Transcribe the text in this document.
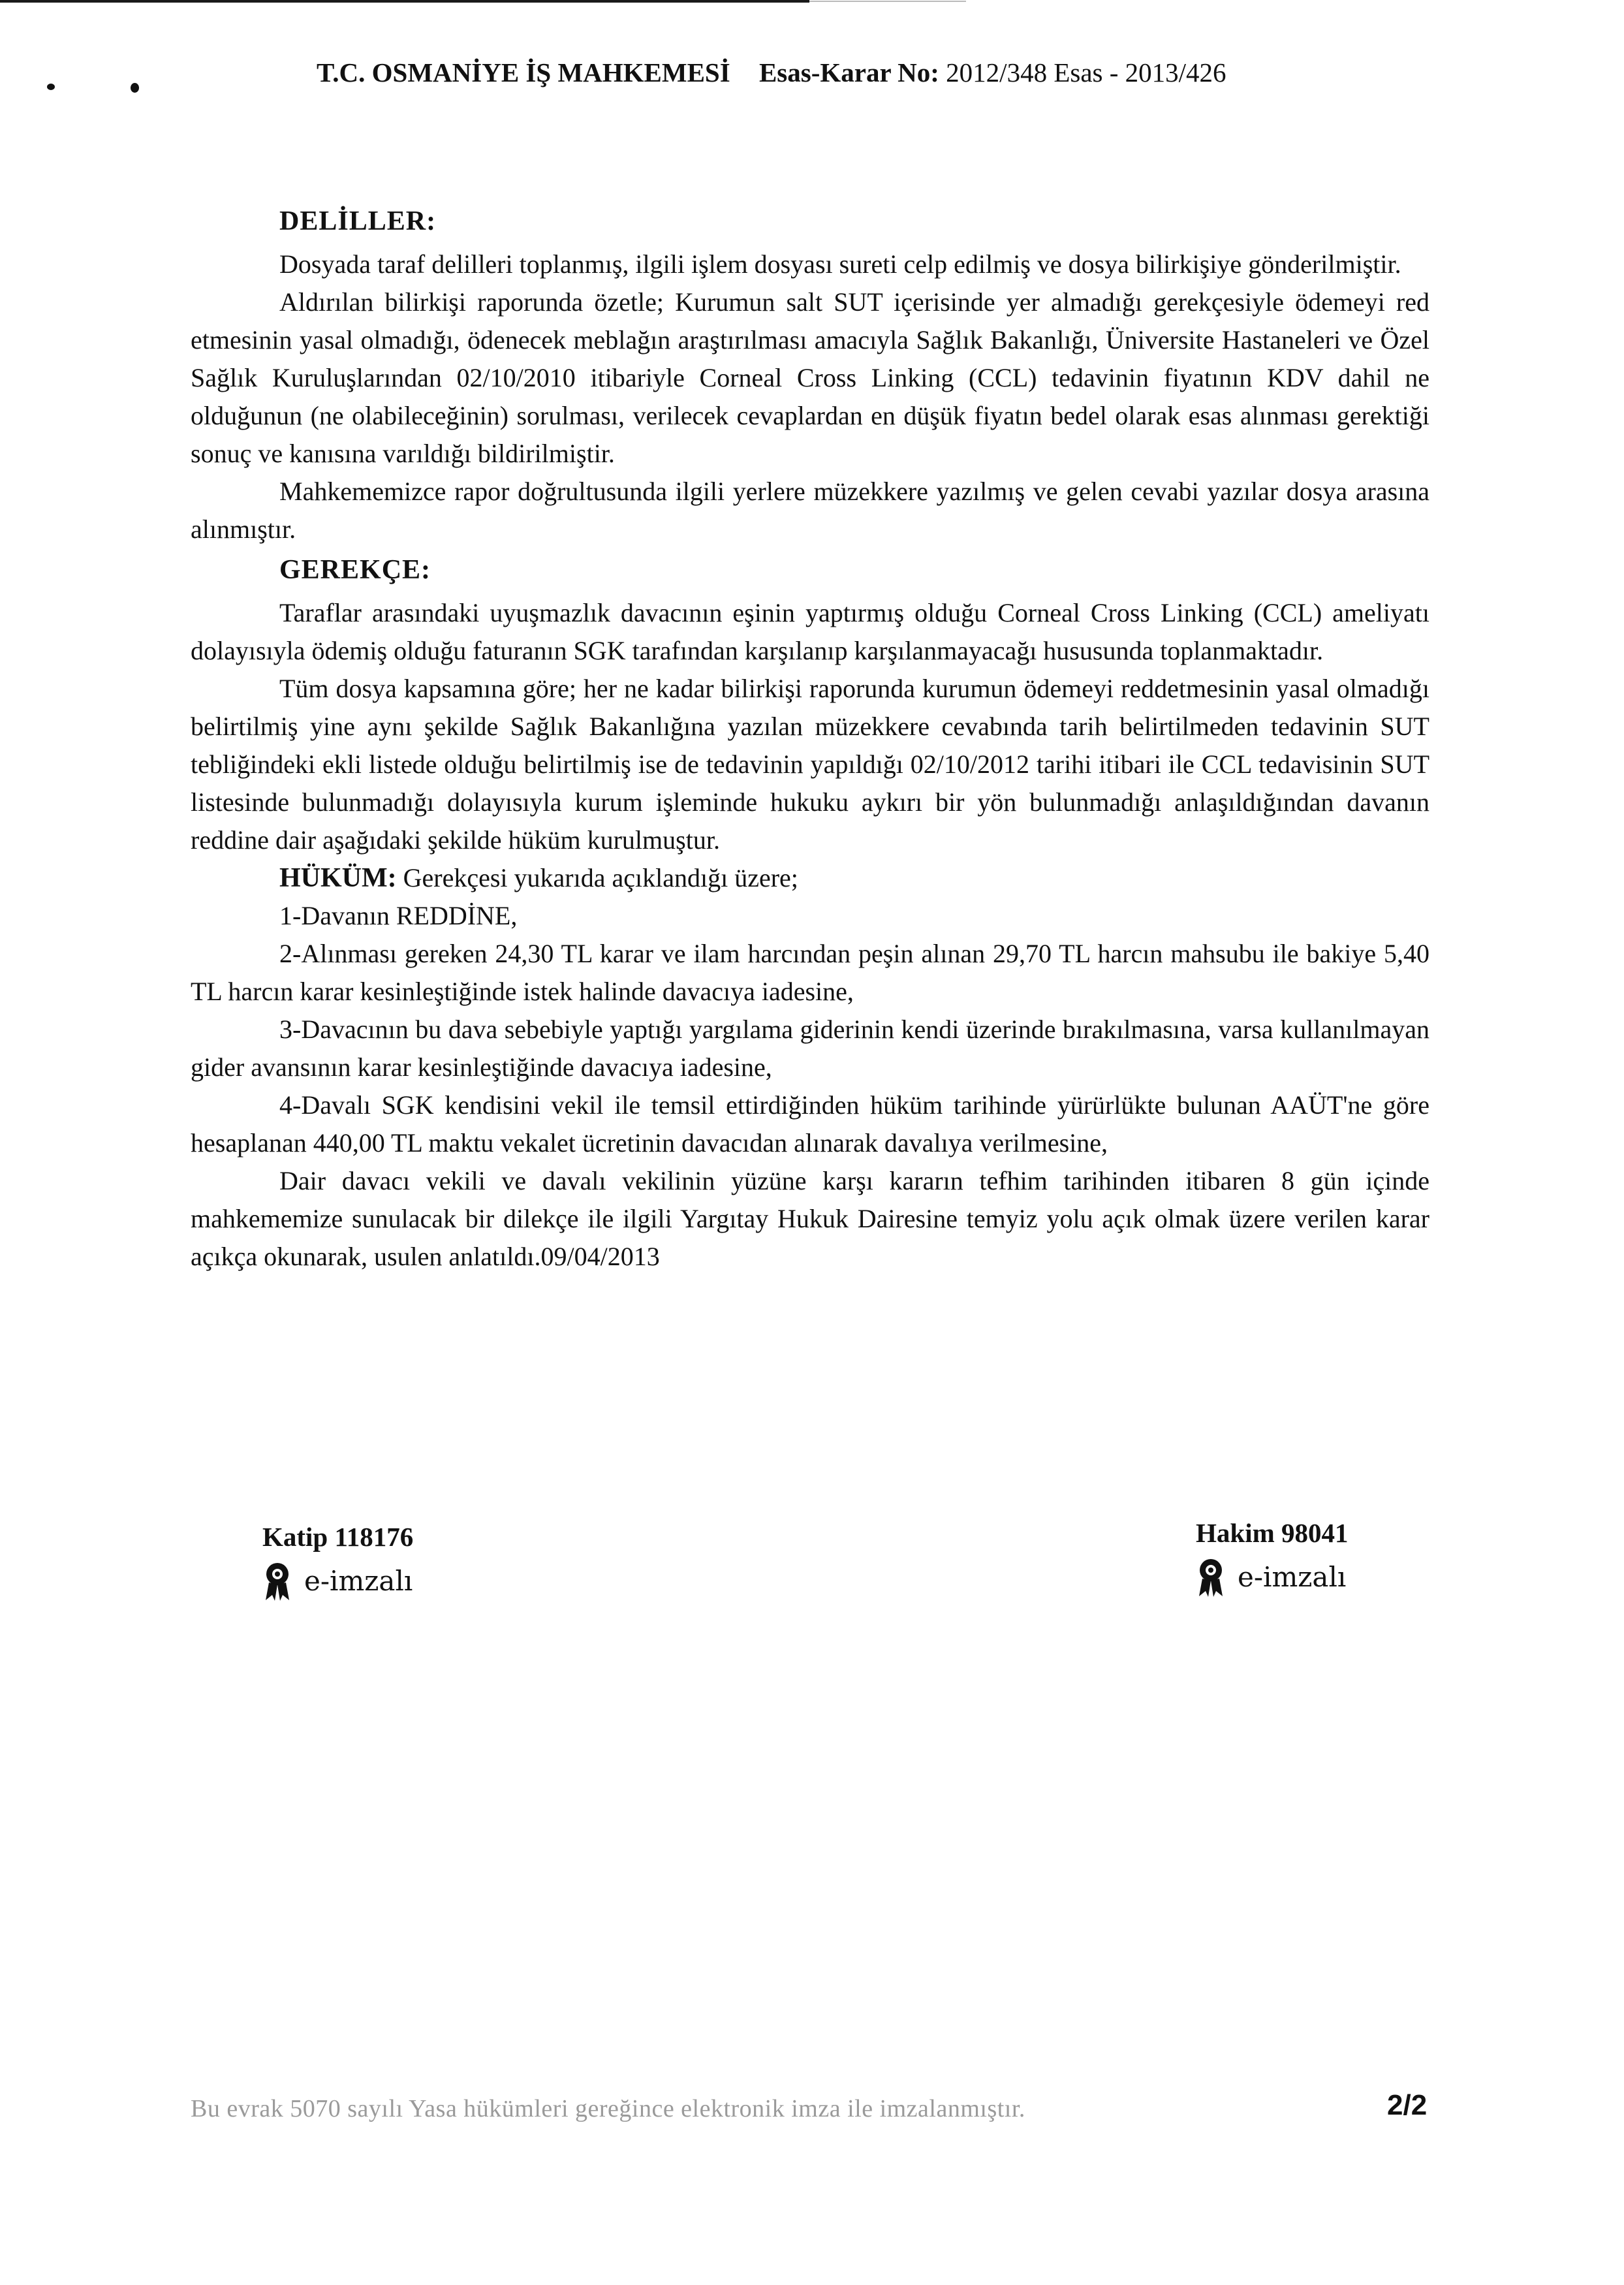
T.C. OSMANİYE İŞ MAHKEMESİ Esas-Karar No: 2012/348 Esas - 2013/426
DELİLLER:

Dosyada taraf delilleri toplanmış, ilgili işlem dosyası sureti celp edilmiş ve dosya bilirkişiye gönderilmiştir.

Aldırılan bilirkişi raporunda özetle; Kurumun salt SUT içerisinde yer almadığı gerekçesiyle ödemeyi red etmesinin yasal olmadığı, ödenecek meblağın araştırılması amacıyla Sağlık Bakanlığı, Üniversite Hastaneleri ve Özel Sağlık Kuruluşlarından 02/10/2010 itibariyle Corneal Cross Linking (CCL) tedavinin fiyatının KDV dahil ne olduğunun (ne olabileceğinin) sorulması, verilecek cevaplardan en düşük fiyatın bedel olarak esas alınması gerektiği sonuç ve kanısına varıldığı bildirilmiştir.

Mahkememizce rapor doğrultusunda ilgili yerlere müzekkere yazılmış ve gelen cevabi yazılar dosya arasına alınmıştır.

GEREKÇE:

Taraflar arasındaki uyuşmazlık davacının eşinin yaptırmış olduğu Corneal Cross Linking (CCL) ameliyatı dolayısıyla ödemiş olduğu faturanın SGK tarafından karşılanıp karşılanmayacağı hususunda toplanmaktadır.

Tüm dosya kapsamına göre; her ne kadar bilirkişi raporunda kurumun ödemeyi reddetmesinin yasal olmadığı belirtilmiş yine aynı şekilde Sağlık Bakanlığına yazılan müzekkere cevabında tarih belirtilmeden tedavinin SUT tebliğindeki ekli listede olduğu belirtilmiş ise de tedavinin yapıldığı 02/10/2012 tarihi itibari ile CCL tedavisinin SUT listesinde bulunmadığı dolayısıyla kurum işleminde hukuku aykırı bir yön bulunmadığı anlaşıldığından davanın reddine dair aşağıdaki şekilde hüküm kurulmuştur.

HÜKÜM: Gerekçesi yukarıda açıklandığı üzere;

1-Davanın REDDİNE,

2-Alınması gereken 24,30 TL karar ve ilam harcından peşin alınan 29,70 TL harcın mahsubu ile bakiye 5,40 TL harcın karar kesinleştiğinde istek halinde davacıya iadesine,

3-Davacının bu dava sebebiyle yaptığı yargılama giderinin kendi üzerinde bırakılmasına, varsa kullanılmayan gider avansının karar kesinleştiğinde davacıya iadesine,

4-Davalı SGK kendisini vekil ile temsil ettirdiğinden hüküm tarihinde yürürlükte bulunan AAÜT'ne göre hesaplanan 440,00 TL maktu vekalet ücretinin davacıdan alınarak davalıya verilmesine,

Dair davacı vekili ve davalı vekilinin yüzüne karşı kararın tefhim tarihinden itibaren 8 gün içinde mahkememize sunulacak bir dilekçe ile ilgili Yargıtay Hukuk Dairesine temyiz yolu açık olmak üzere verilen karar açıkça okunarak, usulen anlatıldı.09/04/2013

Katip 118176
e-imzalı
Hakim 98041
e-imzalı
Bu evrak 5070 sayılı Yasa hükümleri gereğince elektronik imza ile imzalanmıştır.	2/2
